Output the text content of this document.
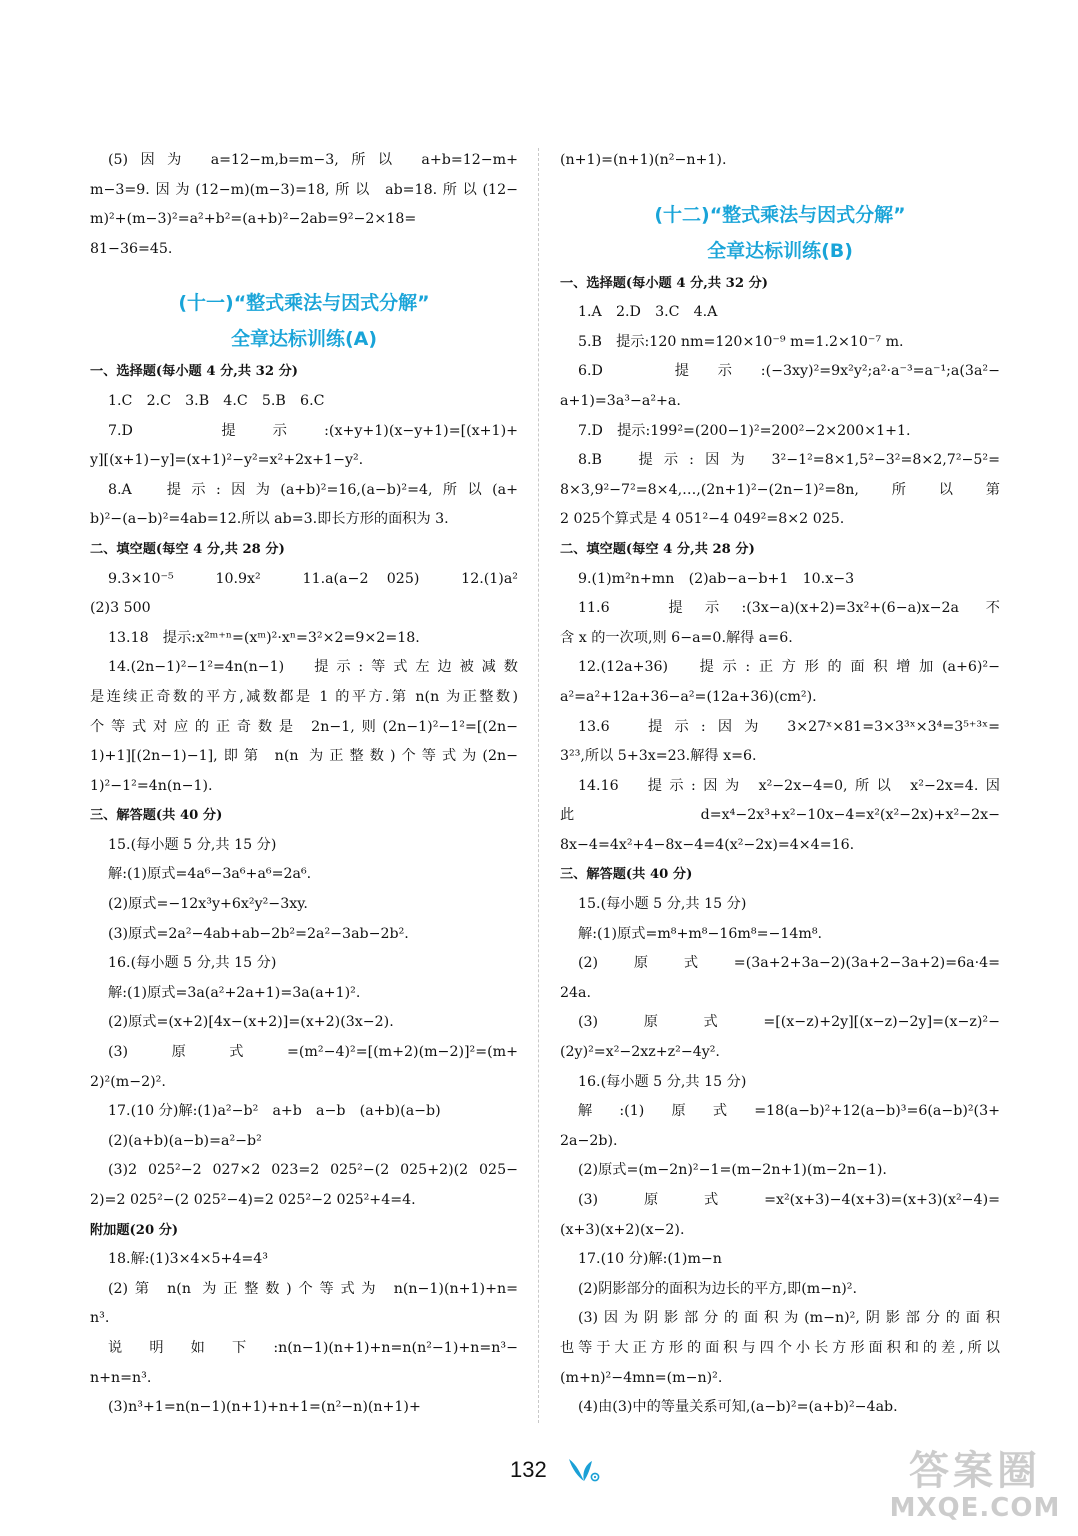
(5)因为 a=12−m,b=m−3,所以 a+b=12−m+
m−3=9.因为(12−m)(m−3)=18,所以 ab=18.所以(12−
m)²+(m−3)²=a²+b²=(a+b)²−2ab=9²−2×18=
81−36=45.
(十一)“整式乘法与因式分解”
全章达标训练(A)
一、选择题(每小题 4 分,共 32 分)
1.C　2.C　3.B　4.C　5.B　6.C
7.D　提示:(x+y+1)(x−y+1)=[(x+1)+
y][(x+1)−y]=(x+1)²−y²=x²+2x+1−y².
8.A　提示:因为(a+b)²=16,(a−b)²=4,所以(a+
b)²−(a−b)²=4ab=12.所以 ab=3.即长方形的面积为 3.
二、填空题(每空 4 分,共 28 分)
9.3×10⁻⁵　10.9x²　11.a(a−2 025)　12.(1)a²
(2)3 500
13.18　提示:x²ᵐ⁺ⁿ=(xᵐ)²·xⁿ=3²×2=9×2=18.
14.(2n−1)²−1²=4n(n−1)　提示:等式左边被减数
是连续正奇数的平方,减数都是 1 的平方.第 n(n 为正整数)
个等式对应的正奇数是 2n−1,则(2n−1)²−1²=[(2n−
1)+1][(2n−1)−1],即第 n(n 为正整数)个等式为(2n−
1)²−1²=4n(n−1).
三、解答题(共 40 分)
15.(每小题 5 分,共 15 分)
解:(1)原式=4a⁶−3a⁶+a⁶=2a⁶.
(2)原式=−12x³y+6x²y²−3xy.
(3)原式=2a²−4ab+ab−2b²=2a²−3ab−2b².
16.(每小题 5 分,共 15 分)
解:(1)原式=3a(a²+2a+1)=3a(a+1)².
(2)原式=(x+2)[4x−(x+2)]=(x+2)(3x−2).
(3)原式=(m²−4)²=[(m+2)(m−2)]²=(m+
2)²(m−2)².
17.(10 分)解:(1)a²−b²　a+b　a−b　(a+b)(a−b)
(2)(a+b)(a−b)=a²−b²
(3)2 025²−2 027×2 023=2 025²−(2 025+2)(2 025−
2)=2 025²−(2 025²−4)=2 025²−2 025²+4=4.
附加题(20 分)
18.解:(1)3×4×5+4=4³
(2)第 n(n 为正整数)个等式为 n(n−1)(n+1)+n=
n³.
说明如下:n(n−1)(n+1)+n=n(n²−1)+n=n³−
n+n=n³.
(3)n³+1=n(n−1)(n+1)+n+1=(n²−n)(n+1)+
(n+1)=(n+1)(n²−n+1).
(十二)“整式乘法与因式分解”
全章达标训练(B)
一、选择题(每小题 4 分,共 32 分)
1.A　2.D　3.C　4.A
5.B　提示:120 nm=120×10⁻⁹ m=1.2×10⁻⁷ m.
6.D　提示:(−3xy)²=9x²y²;a²·a⁻³=a⁻¹;a(3a²−
a+1)=3a³−a²+a.
7.D　提示:199²=(200−1)²=200²−2×200×1+1.
8.B　提示:因为 3²−1²=8×1,5²−3²=8×2,7²−5²=
8×3,9²−7²=8×4,…,(2n+1)²−(2n−1)²=8n,所以第
2 025个算式是 4 051²−4 049²=8×2 025.
二、填空题(每空 4 分,共 28 分)
9.(1)m²n+mn　(2)ab−a−b+1　10.x−3
11.6　提示:(3x−a)(x+2)=3x²+(6−a)x−2a 不
含 x 的一次项,则 6−a=0.解得 a=6.
12.(12a+36)　提示:正方形的面积增加(a+6)²−
a²=a²+12a+36−a²=(12a+36)(cm²).
13.6　提示:因为 3×27ˣ×81=3×3³ˣ×3⁴=3⁵⁺³ˣ=
3²³,所以 5+3x=23.解得 x=6.
14.16　提示:因为 x²−2x−4=0,所以 x²−2x=4.因
此 d=x⁴−2x³+x²−10x−4=x²(x²−2x)+x²−2x−
8x−4=4x²+4−8x−4=4(x²−2x)=4×4=16.
三、解答题(共 40 分)
15.(每小题 5 分,共 15 分)
解:(1)原式=m⁸+m⁸−16m⁸=−14m⁸.
(2)原式=(3a+2+3a−2)(3a+2−3a+2)=6a·4=
24a.
(3)原式=[(x−z)+2y][(x−z)−2y]=(x−z)²−
(2y)²=x²−2xz+z²−4y².
16.(每小题 5 分,共 15 分)
解:(1)原式=18(a−b)²+12(a−b)³=6(a−b)²(3+
2a−2b).
(2)原式=(m−2n)²−1=(m−2n+1)(m−2n−1).
(3)原式=x²(x+3)−4(x+3)=(x+3)(x²−4)=
(x+3)(x+2)(x−2).
17.(10 分)解:(1)m−n
(2)阴影部分的面积为边长的平方,即(m−n)².
(3)因为阴影部分的面积为(m−n)²,阴影部分的面积
也等于大正方形的面积与四个小长方形面积和的差,所以
(m+n)²−4mn=(m−n)².
(4)由(3)中的等量关系可知,(a−b)²=(a+b)²−4ab.
132	答案圈
MXQE.COM
